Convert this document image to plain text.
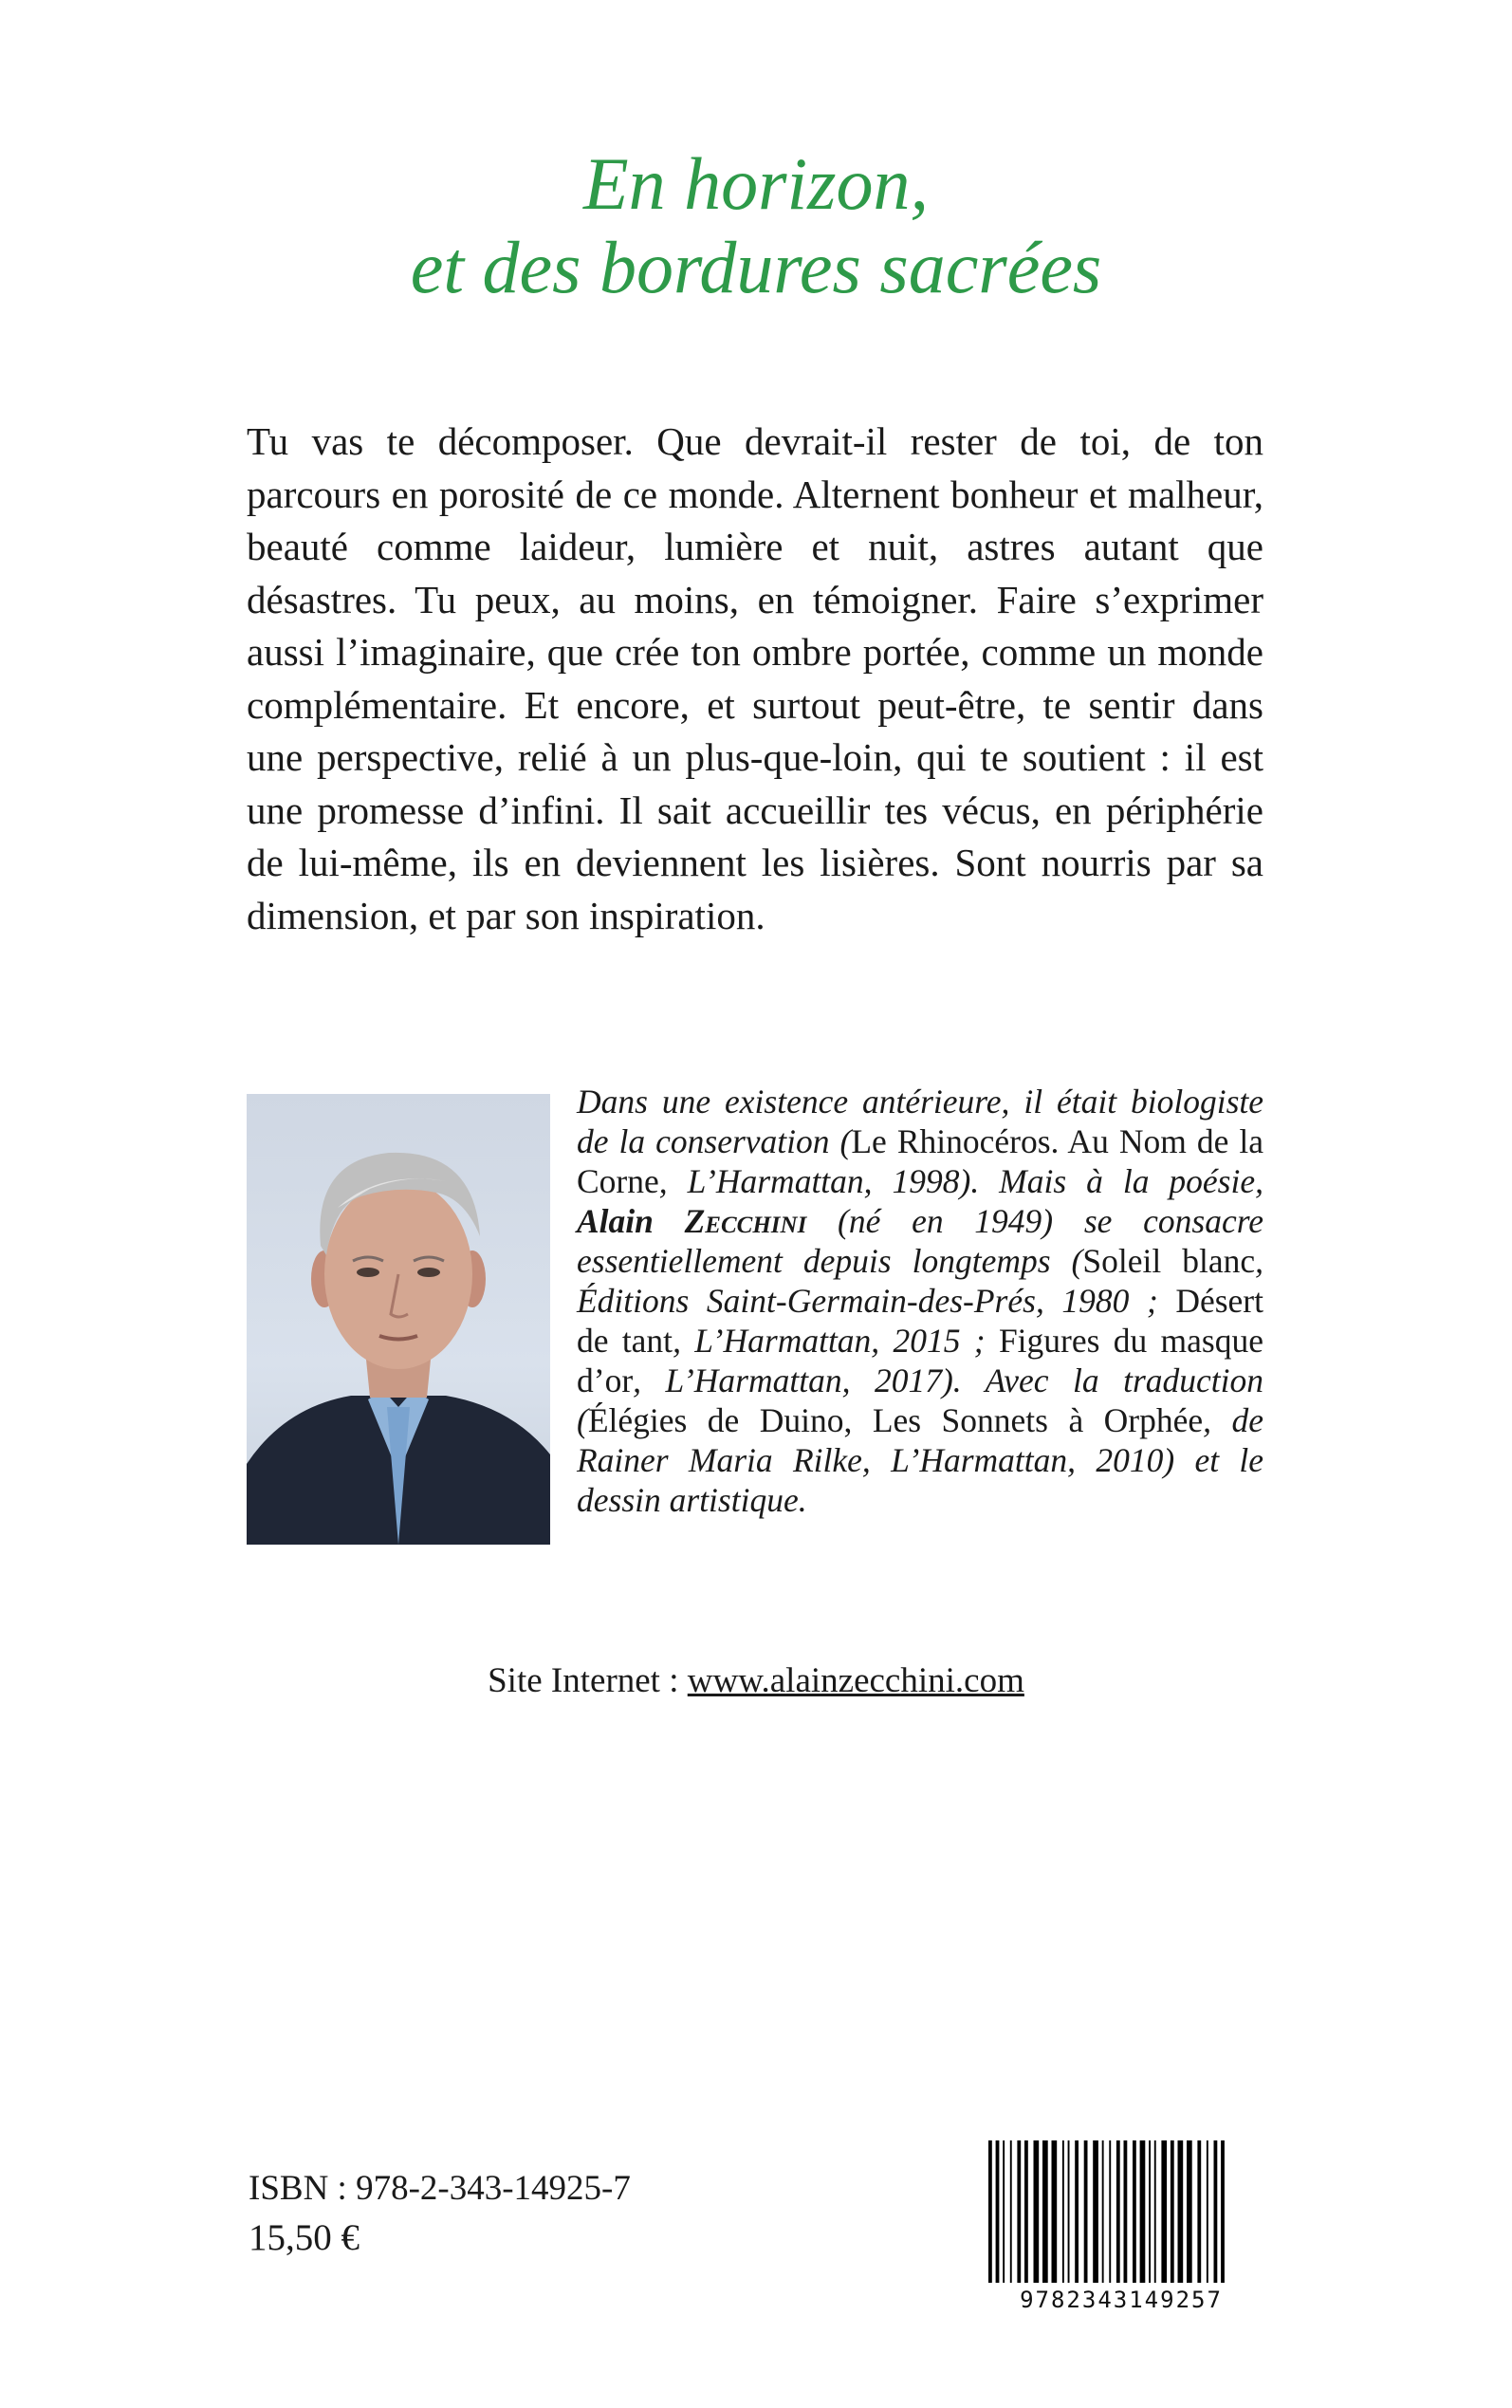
En horizon,
et des bordures sacrées

Tu vas te décomposer. Que devrait-il rester de toi, de ton parcours en porosité de ce monde. Alternent bonheur et malheur, beauté comme laideur, lumière et nuit, astres autant que désastres. Tu peux, au moins, en témoigner. Faire s’exprimer aussi l’imaginaire, que crée ton ombre portée, comme un monde complémentaire. Et encore, et surtout peut-être, te sentir dans une perspective, relié à un plus-que-loin, qui te soutient : il est une promesse d’infini. Il sait accueillir tes vécus, en périphérie de lui-même, ils en deviennent les lisières. Sont nourris par sa dimension, et par son inspiration.

Dans une existence antérieure, il était biologiste de la conservation (Le Rhinocéros. Au Nom de la Corne, L’Harmattan, 1998). Mais à la poésie, Alain Zecchini (né en 1949) se consacre essentiellement depuis longtemps (Soleil blanc, Éditions Saint-Germain-des-Prés, 1980 ; Désert de tant, L’Harmattan, 2015 ; Figures du masque d’or, L’Harmattan, 2017). Avec la traduction (Élégies de Duino, Les Sonnets à Orphée, de Rainer Maria Rilke, L’Harmattan, 2010) et le dessin artistique.

Site Internet : www.alainzecchini.com
ISBN : 978-2-343-14925-7
15,50 €
9782343149257
